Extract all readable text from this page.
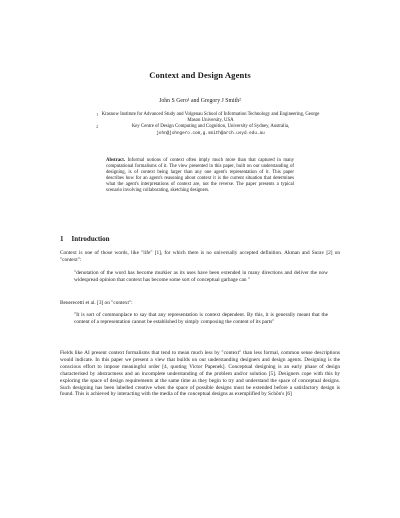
Context and Design Agents
John S Gero¹ and Gregory J Smith²
1 Krasnow Institute for Advanced Study and Volgenau School of Information Technology and Engineering, George Mason University, USA
2	Key Centre of Design Computing and Cognition, University of Sydney, Australia,
john@johngero.com,g.smith@arch.usyd.edu.au
Abstract. Informal notions of context often imply much more than that captured in many computational formalisms of it. The view presented in this paper, built on our understanding of designing, is of context being larger than any one agent's representation of it. This paper describes how for an agent's reasoning about context it is the current situation that determines what the agent's interpretations of context are, not the reverse. The paper presents a typical scenario involving collaborating, sketching designers.
1 Introduction
Context is one of those words, like "life" [1], for which there is no universally accepted definition. Akman and Surav [2] on "context":
"denotation of the word has become murkier as its uses have been extended in many directions and deliver the now widespread opinion that context has become some sort of conceptual garbage can "
Benerecetti et al. [3] on "context":
"It is sort of commonplace to say that any representation is context dependent. By this, it is generally meant that the content of a representation cannot be established by simply composing the content of its parts"
Fields like AI present context formalisms that tend to mean much less by "context" than less formal, common sense descriptions would indicate. In this paper we present a view that builds on our understanding designers and design agents. Designing is the conscious effort to impose meaningful order [4, quoting Victor Papenek]. Conceptual designing is an early phase of design characterised by abstractness and an incomplete understanding of the problem and/or solution [5]. Designers cope with this by exploring the space of design requirements at the same time as they begin to try and understand the space of conceptual designs. Such designing has been labelled creative when the space of possible designs must be extended before a satisfactory design is found. This is achieved by interacting with the media of the conceptual designs as exemplified by Schön's [6]
